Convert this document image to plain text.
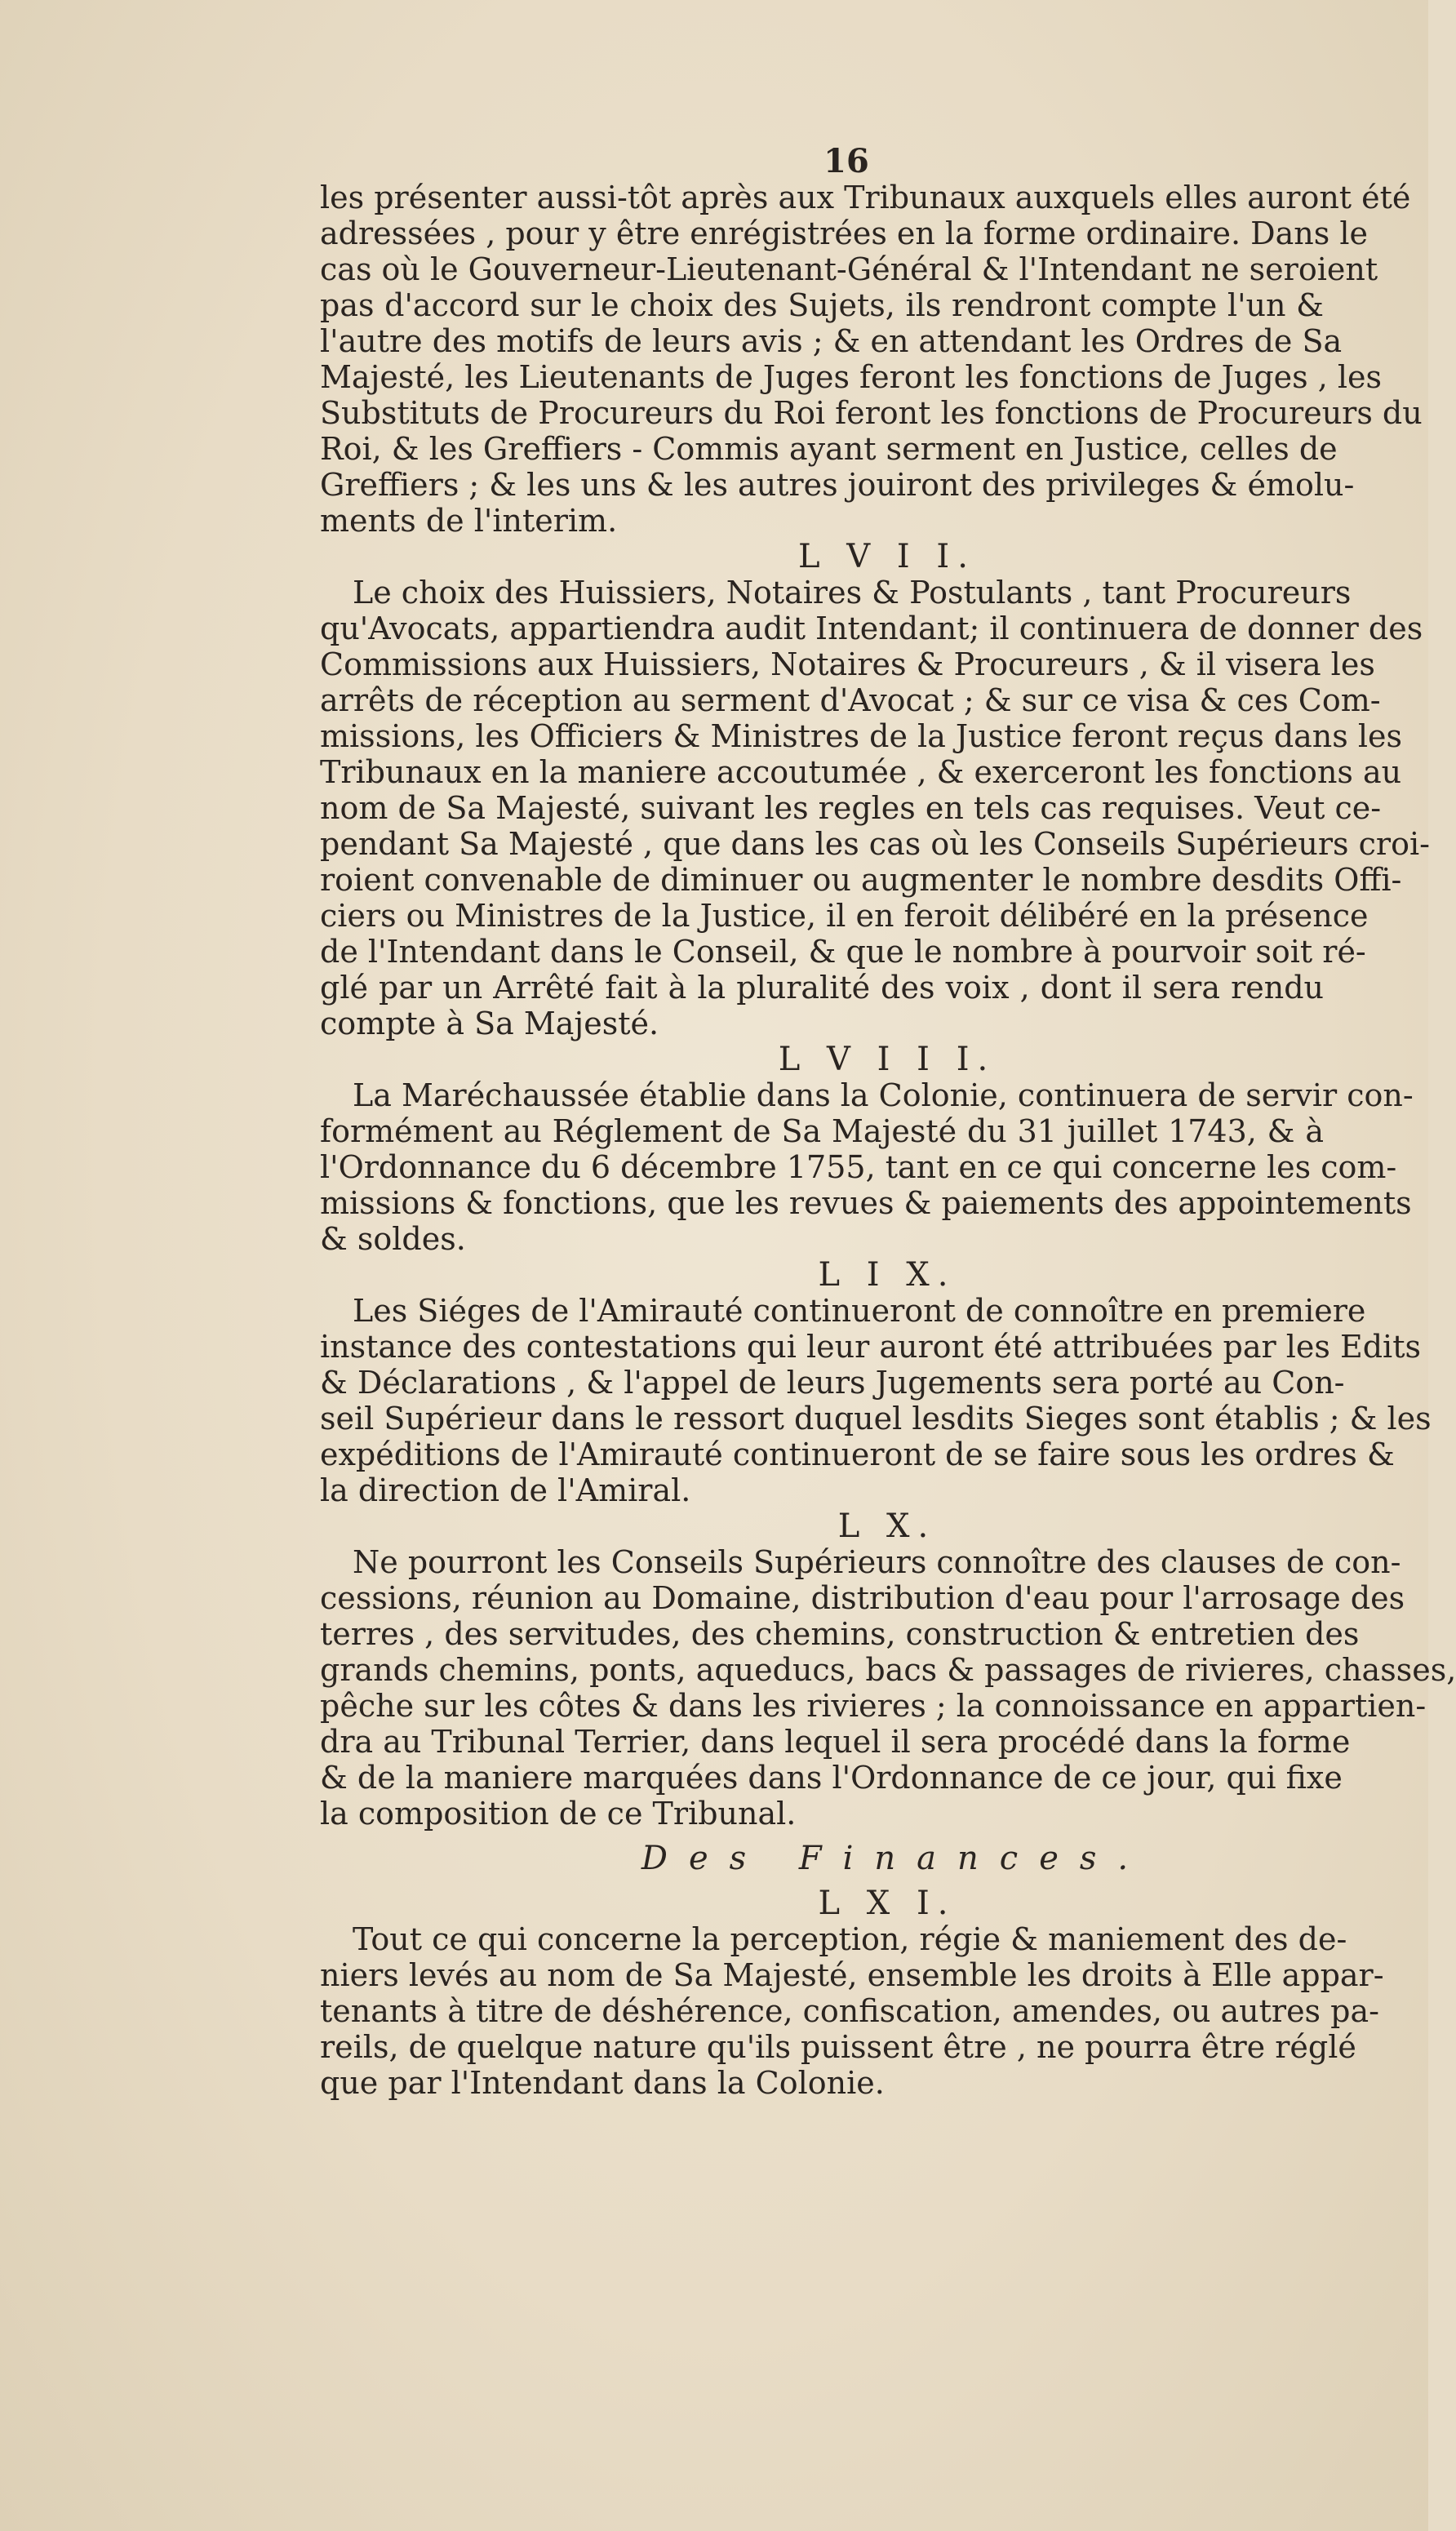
16
les présenter aussi-tôt après aux Tribunaux auxquels elles auront été
adressées , pour y être enrégistrées en la forme ordinaire. Dans le
cas où le Gouverneur-Lieutenant-Général & l'Intendant ne seroient
pas d'accord sur le choix des Sujets, ils rendront compte l'un &
l'autre des motifs de leurs avis ; & en attendant les Ordres de Sa
Majesté, les Lieutenants de Juges feront les fonctions de Juges , les
Substituts de Procureurs du Roi feront les fonctions de Procureurs du
Roi, & les Greffiers - Commis ayant serment en Justice, celles de
Greffiers ; & les uns & les autres jouiront des privileges & émolu-
ments de l'interim.
L V I I.
Le choix des Huissiers, Notaires & Postulants , tant Procureurs
qu'Avocats, appartiendra audit Intendant; il continuera de donner des
Commissions aux Huissiers, Notaires & Procureurs , & il visera les
arrêts de réception au serment d'Avocat ; & sur ce visa & ces Com-
missions, les Officiers & Ministres de la Justice feront reçus dans les
Tribunaux en la maniere accoutumée , & exerceront les fonctions au
nom de Sa Majesté, suivant les regles en tels cas requises. Veut ce-
pendant Sa Majesté , que dans les cas où les Conseils Supérieurs croi-
roient convenable de diminuer ou augmenter le nombre desdits Offi-
ciers ou Ministres de la Justice, il en feroit délibéré en la présence
de l'Intendant dans le Conseil, & que le nombre à pourvoir soit ré-
glé par un Arrêté fait à la pluralité des voix , dont il sera rendu
compte à Sa Majesté.
L V I I I.
La Maréchaussée établie dans la Colonie, continuera de servir con-
formément au Réglement de Sa Majesté du 31 juillet 1743, & à
l'Ordonnance du 6 décembre 1755, tant en ce qui concerne les com-
missions & fonctions, que les revues & paiements des appointements
& soldes.
L I X.
Les Siéges de l'Amirauté continueront de connoître en premiere
instance des contestations qui leur auront été attribuées par les Edits
& Déclarations , & l'appel de leurs Jugements sera porté au Con-
seil Supérieur dans le ressort duquel lesdits Sieges sont établis ; & les
expéditions de l'Amirauté continueront de se faire sous les ordres &
la direction de l'Amiral.
L X.
Ne pourront les Conseils Supérieurs connoître des clauses de con-
cessions, réunion au Domaine, distribution d'eau pour l'arrosage des
terres , des servitudes, des chemins, construction & entretien des
grands chemins, ponts, aqueducs, bacs & passages de rivieres, chasses,
pêche sur les côtes & dans les rivieres ; la connoissance en appartien-
dra au Tribunal Terrier, dans lequel il sera procédé dans la forme
& de la maniere marquées dans l'Ordonnance de ce jour, qui fixe
la composition de ce Tribunal.
Des Finances.
L X I.
Tout ce qui concerne la perception, régie & maniement des de-
niers levés au nom de Sa Majesté, ensemble les droits à Elle appar-
tenants à titre de déshérence, confiscation, amendes, ou autres pa-
reils, de quelque nature qu'ils puissent être , ne pourra être réglé
que par l'Intendant dans la Colonie.
